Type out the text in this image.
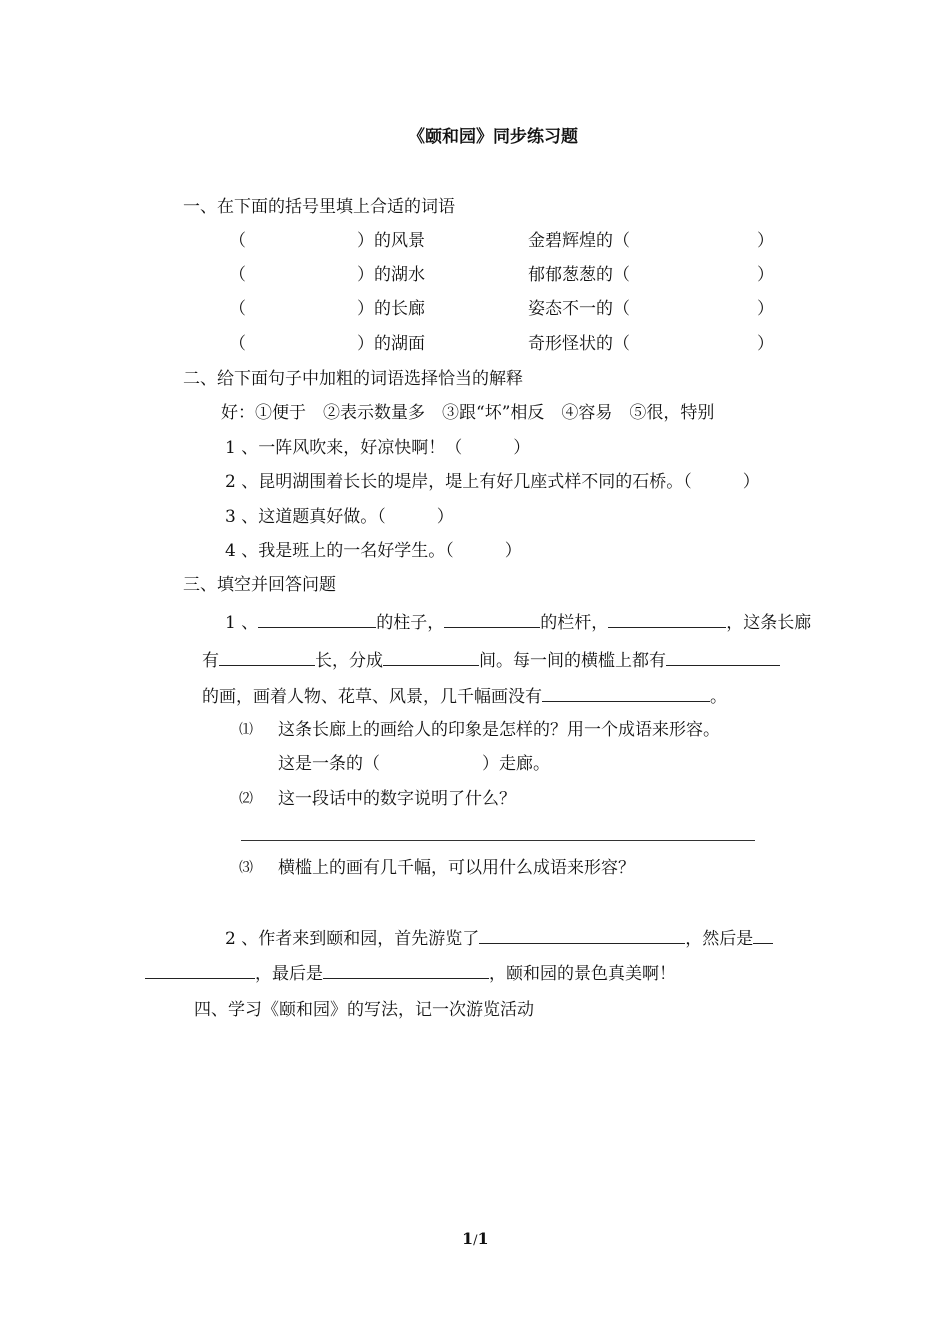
《颐和园》同步练习题
一、在下面的括号里填上合适的词语
（	）的风景	金碧辉煌的（	）
（	）的湖水	郁郁葱葱的（	）
（	）的长廊	姿态不一的（	）
（	）的湖面	奇形怪状的（	）
二、给下面句子中加粗的词语选择恰当的解释
好：①便于　②表示数量多　③跟“坏”相反　④容易　⑤很，特别
1 、一阵风吹来，好凉快啊！（　　　）
2 、昆明湖围着长长的堤岸，堤上有好几座式样不同的石桥。（　　　）
3 、这道题真好做。（　　　）
4 、我是班上的一名好学生。（　　　）
三、填空并回答问题
1 、	的柱子，	的栏杆，	，这条长廊
有	长，分成	间。每一间的横槛上都有
的画，画着人物、花草、风景，几千幅画没有	。
⑴ 这条长廊上的画给人的印象是怎样的？用一个成语来形容。
这是一条的（　　　　　　）走廊。
⑵ 这一段话中的数字说明了什么？
⑶ 横槛上的画有几千幅，可以用什么成语来形容？
2 、作者来到颐和园，首先游览了	，然后是
，最后是	，颐和园的景色真美啊！
四、学习《颐和园》的写法，记一次游览活动
1/1
